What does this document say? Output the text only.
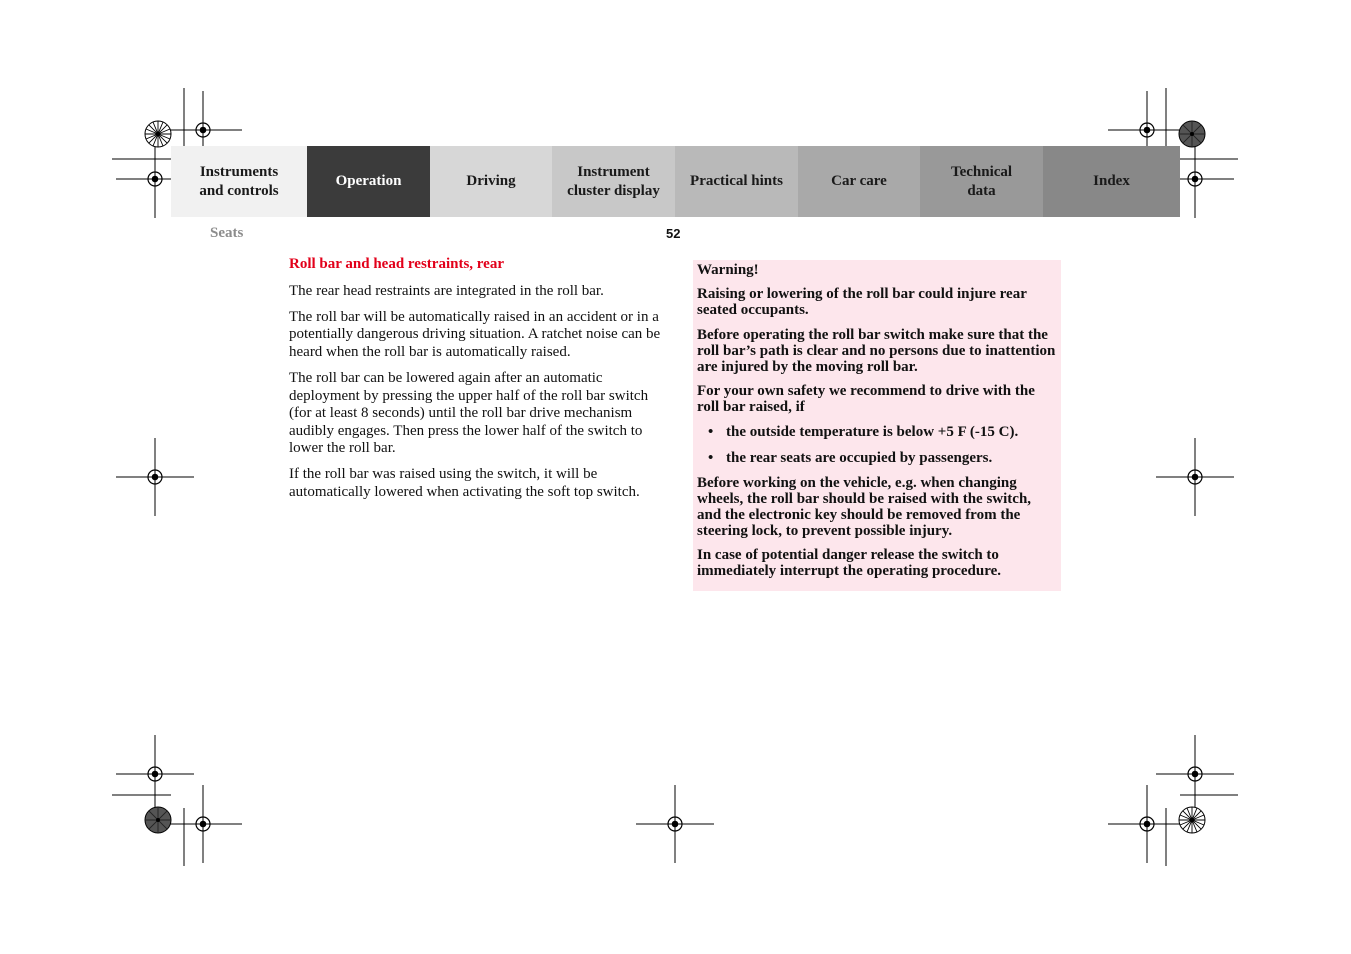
Instruments
and controls
Operation	Driving
Instrument
cluster display
Practical hints	Car care
Technical
data
Index
Seats	52
Roll bar and head restraints, rear

The rear head restraints are integrated in the roll bar.

The roll bar will be automatically raised in an accident or in a potentially dangerous driving situation. A ratchet noise can be heard when the roll bar is automatically raised.

The roll bar can be lowered again after an automatic deployment by pressing the upper half of the roll bar switch (for at least 8 seconds) until the roll bar drive mechanism audibly engages. Then press the lower half of the switch to lower the roll bar.

If the roll bar was raised using the switch, it will be automatically lowered when activating the soft top switch.

Warning!

Raising or lowering of the roll bar could injure rear seated occupants.

Before operating the roll bar switch make sure that the roll bar’s path is clear and no persons due to inattention are injured by the moving roll bar.

For your own safety we recommend to drive with the roll bar raised, if

• the outside temperature is below +5 F (-15 C).
• the rear seats are occupied by passengers.

Before working on the vehicle, e.g. when changing wheels, the roll bar should be raised with the switch, and the electronic key should be removed from the steering lock, to prevent possible injury.

In case of potential danger release the switch to immediately interrupt the operating procedure.
